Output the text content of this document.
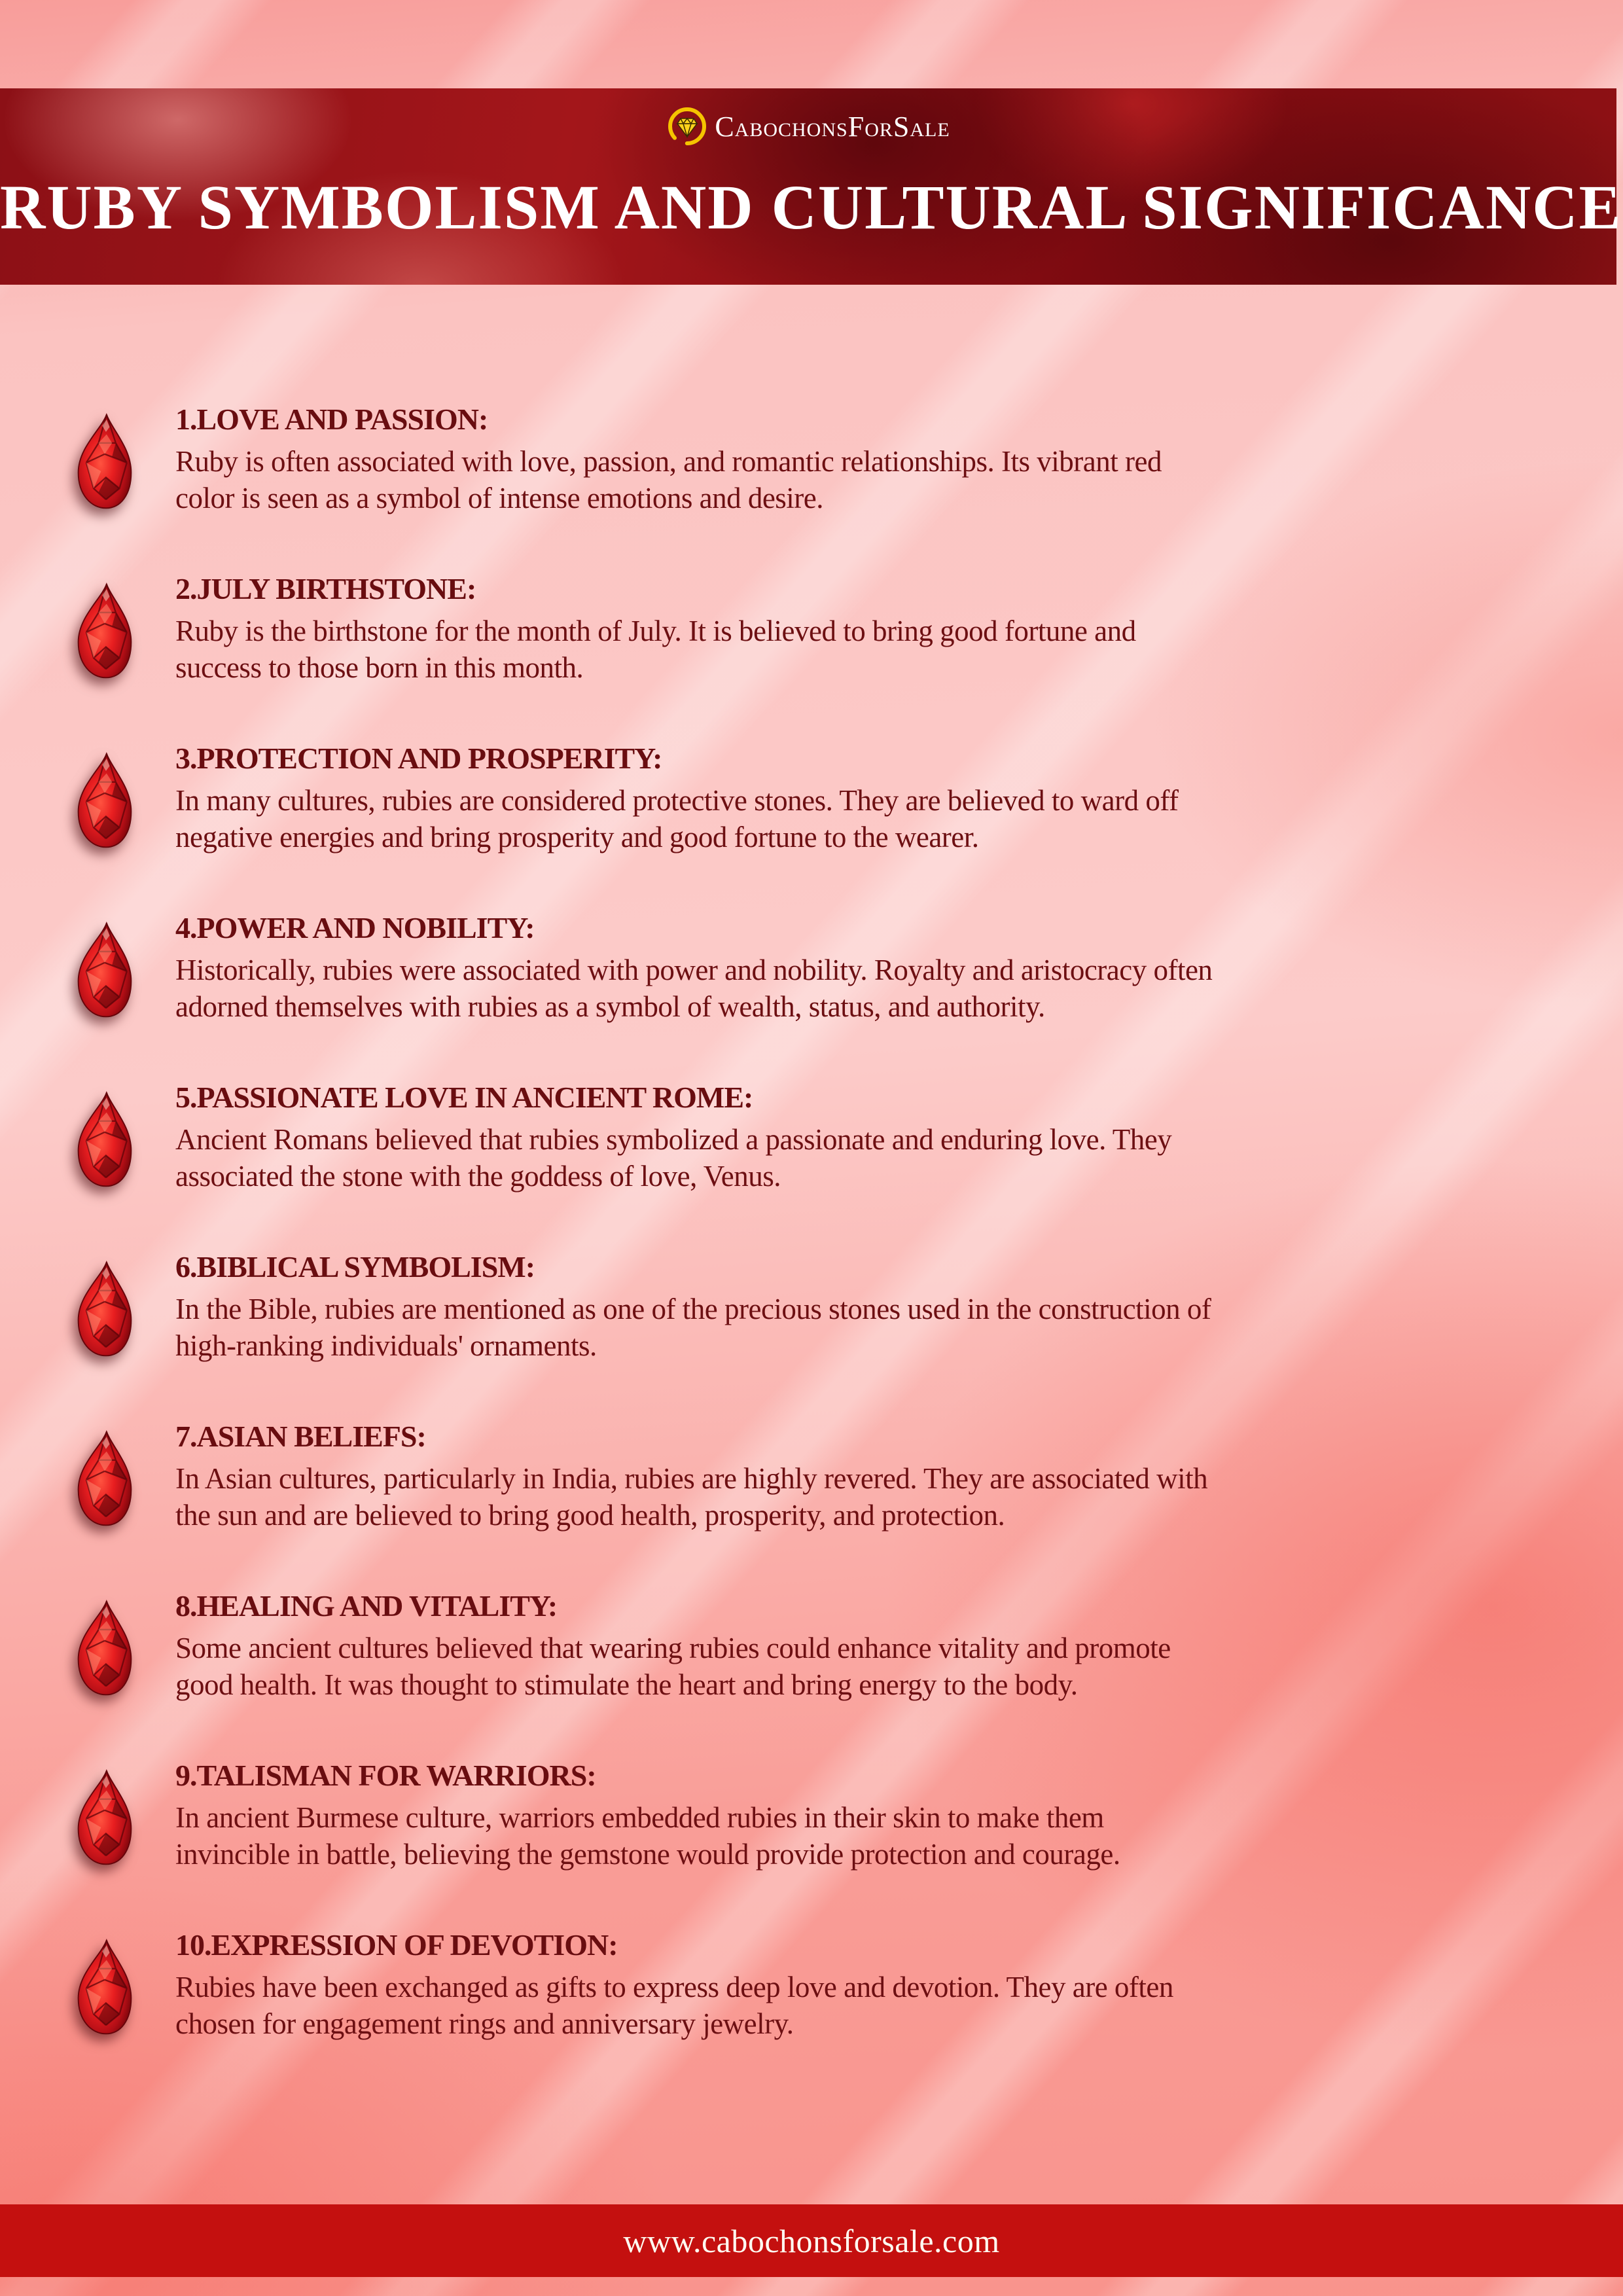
C ABOCHONS F OR S ALE
RUBY SYMBOLISM AND CULTURAL SIGNIFICANCE
1.LOVE AND PASSION:

Ruby is often associated with love, passion, and romantic relationships. Its vibrant red

color is seen as a symbol of intense emotions and desire.

2.JULY BIRTHSTONE:

Ruby is the birthstone for the month of July. It is believed to bring good fortune and

success to those born in this month.

3.PROTECTION AND PROSPERITY:

In many cultures, rubies are considered protective stones. They are believed to ward off

negative energies and bring prosperity and good fortune to the wearer.

4.POWER AND NOBILITY:

Historically, rubies were associated with power and nobility. Royalty and aristocracy often

adorned themselves with rubies as a symbol of wealth, status, and authority.

5.PASSIONATE LOVE IN ANCIENT ROME:

Ancient Romans believed that rubies symbolized a passionate and enduring love. They

associated the stone with the goddess of love, Venus.

6.BIBLICAL SYMBOLISM:

In the Bible, rubies are mentioned as one of the precious stones used in the construction of

high-ranking individuals' ornaments.

7.ASIAN BELIEFS:

In Asian cultures, particularly in India, rubies are highly revered. They are associated with

the sun and are believed to bring good health, prosperity, and protection.

8.HEALING AND VITALITY:

Some ancient cultures believed that wearing rubies could enhance vitality and promote

good health. It was thought to stimulate the heart and bring energy to the body.

9.TALISMAN FOR WARRIORS:

In ancient Burmese culture, warriors embedded rubies in their skin to make them

invincible in battle, believing the gemstone would provide protection and courage.

10.EXPRESSION OF DEVOTION:

Rubies have been exchanged as gifts to express deep love and devotion. They are often

chosen for engagement rings and anniversary jewelry.

www.cabochonsforsale.com
